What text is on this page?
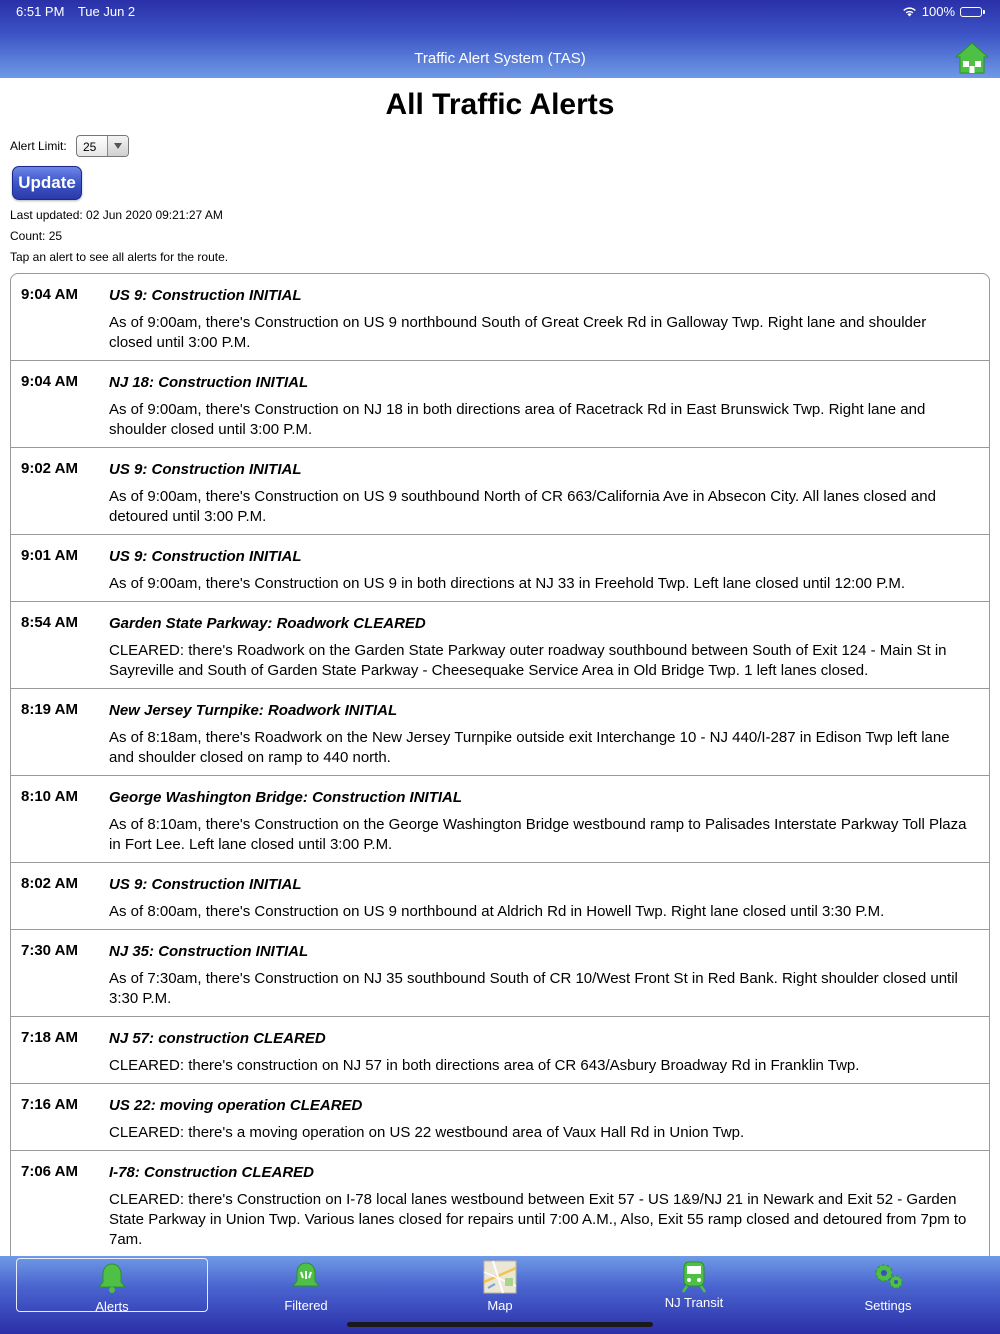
6:51 PM Tue Jun 2	100%
Traffic Alert System (TAS)
All Traffic Alerts
Alert Limit: 25
Update
Last updated: 02 Jun 2020 09:21:27 AM
Count: 25
Tap an alert to see all alerts for the route.
9:04 AM US 9: Construction INITIAL
As of 9:00am, there's Construction on US 9 northbound South of Great Creek Rd in Galloway Twp. Right lane and shoulder closed until 3:00 P.M.
9:04 AM NJ 18: Construction INITIAL
As of 9:00am, there's Construction on NJ 18 in both directions area of Racetrack Rd in East Brunswick Twp. Right lane and shoulder closed until 3:00 P.M.
9:02 AM US 9: Construction INITIAL
As of 9:00am, there's Construction on US 9 southbound North of CR 663/California Ave in Absecon City. All lanes closed and detoured until 3:00 P.M.
9:01 AM US 9: Construction INITIAL
As of 9:00am, there's Construction on US 9 in both directions at NJ 33 in Freehold Twp. Left lane closed until 12:00 P.M.
8:54 AM Garden State Parkway: Roadwork CLEARED
CLEARED: there's Roadwork on the Garden State Parkway outer roadway southbound between South of Exit 124 - Main St in Sayreville and South of Garden State Parkway - Cheesequake Service Area in Old Bridge Twp. 1 left lanes closed.
8:19 AM New Jersey Turnpike: Roadwork INITIAL
As of 8:18am, there's Roadwork on the New Jersey Turnpike outside exit Interchange 10 - NJ 440/I-287 in Edison Twp left lane and shoulder closed on ramp to 440 north.
8:10 AM George Washington Bridge: Construction INITIAL
As of 8:10am, there's Construction on the George Washington Bridge westbound ramp to Palisades Interstate Parkway Toll Plaza in Fort Lee. Left lane closed until 3:00 P.M.
8:02 AM US 9: Construction INITIAL
As of 8:00am, there's Construction on US 9 northbound at Aldrich Rd in Howell Twp. Right lane closed until 3:30 P.M.
7:30 AM NJ 35: Construction INITIAL
As of 7:30am, there's Construction on NJ 35 southbound South of CR 10/West Front St in Red Bank. Right shoulder closed until 3:30 P.M.
7:18 AM NJ 57: construction CLEARED
CLEARED: there's construction on NJ 57 in both directions area of CR 643/Asbury Broadway Rd in Franklin Twp.
7:16 AM US 22: moving operation CLEARED
CLEARED: there's a moving operation on US 22 westbound area of Vaux Hall Rd in Union Twp.
7:06 AM I-78: Construction CLEARED
CLEARED: there's Construction on I-78 local lanes westbound between Exit 57 - US 1&9/NJ 21 in Newark and Exit 52 - Garden State Parkway in Union Twp. Various lanes closed for repairs until 7:00 A.M., Also, Exit 55 ramp closed and detoured from 7pm to 7am.
Alerts	Filtered	Map	NJ Transit	Settings
